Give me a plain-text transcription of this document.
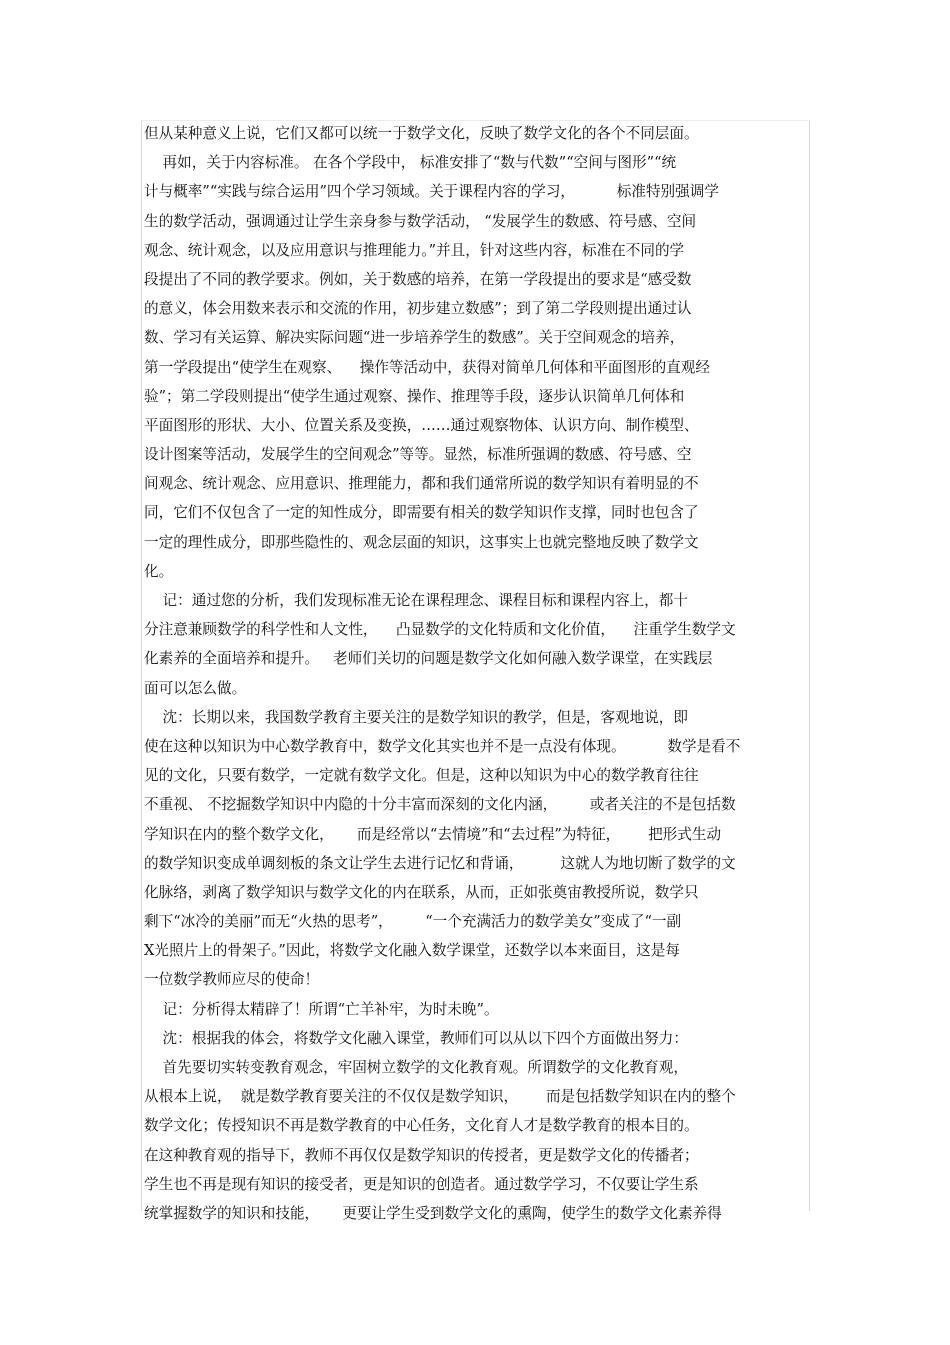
但从某种意义上说，它们又都可以统一于数学文化，反映了数学文化的各个不同层面。
再如，关于内容标准。 在各个学段中， 标准安排了“数与代数”“空间与图形”“统
计与概率”“实践与综合运用”四个学习领域。关于课程内容的学习，         标准特别强调学
生的数学活动，强调通过让学生亲身参与数学活动， “发展学生的数感、符号感、空间
观念、统计观念，以及应用意识与推理能力。”并且，针对这些内容，标准在不同的学
段提出了不同的教学要求。例如，关于数感的培养，在第一学段提出的要求是“感受数
的意义，体会用数来表示和交流的作用，初步建立数感”；到了第二学段则提出通过认
数、学习有关运算、解决实际问题“进一步培养学生的数感”。关于空间观念的培养，
第一学段提出“使学生在观察、    操作等活动中，获得对简单几何体和平面图形的直观经
验”；第二学段则提出“使学生通过观察、操作、推理等手段，逐步认识简单几何体和
平面图形的形状、大小、位置关系及变换，……通过观察物体、认识方向、制作模型、
设计图案等活动，发展学生的空间观念”等等。显然，标准所强调的数感、符号感、空
间观念、统计观念、应用意识、推理能力，都和我们通常所说的数学知识有着明显的不
同，它们不仅包含了一定的知性成分，即需要有相关的数学知识作支撑，同时也包含了
一定的理性成分，即那些隐性的、观念层面的知识，这事实上也就完整地反映了数学文
化。
记：通过您的分析，我们发现标准无论在课程理念、课程目标和课程内容上，都十
分注意兼顾数学的科学性和人文性，    凸显数学的文化特质和文化价值，    注重学生数学文
化素养的全面培养和提升。   老师们关切的问题是数学文化如何融入数学课堂，在实践层
面可以怎么做。
沈：长期以来，我国数学教育主要关注的是数学知识的教学，但是，客观地说，即
使在这种以知识为中心数学教育中，数学文化其实也并不是一点没有体现。         数学是看不
见的文化，只要有数学，一定就有数学文化。但是，这种以知识为中心的数学教育往往
不重视、 不挖掘数学知识中内隐的十分丰富而深刻的文化内涵，       或者关注的不是包括数
学知识在内的整个数学文化，     而是经常以“去情境”和“去过程”为特征，      把形式生动
的数学知识变成单调刻板的条文让学生去进行记忆和背诵，        这就人为地切断了数学的文
化脉络，剥离了数学知识与数学文化的内在联系，从而，正如张奠宙教授所说，数学只
剩下“冰冷的美丽”而无“火热的思考”，       “一个充满活力的数学美女”变成了“一副
X光照片上的骨架子。”因此，将数学文化融入数学课堂，还数学以本来面目，这是每
一位数学教师应尽的使命！
记：分析得太精辟了！所谓“亡羊补牢，为时未晚”。
沈：根据我的体会，将数学文化融入课堂，教师们可以从以下四个方面做出努力：
首先要切实转变教育观念，牢固树立数学的文化教育观。所谓数学的文化教育观，
从根本上说，  就是数学教育要关注的不仅仅是数学知识，      而是包括数学知识在内的整个
数学文化；传授知识不再是数学教育的中心任务，文化育人才是数学教育的根本目的。
在这种教育观的指导下，教师不再仅仅是数学知识的传授者，更是数学文化的传播者；
学生也不再是现有知识的接受者，更是知识的创造者。通过数学学习，不仅要让学生系
统掌握数学的知识和技能，     更要让学生受到数学文化的熏陶，使学生的数学文化素养得
